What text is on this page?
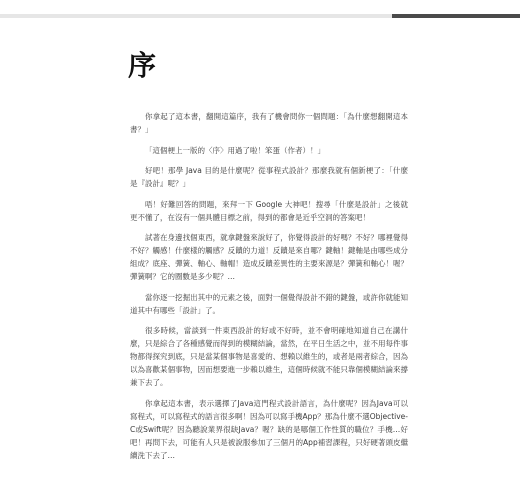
序

你拿起了這本書，翻開這篇序，我有了機會問你一個問題：「為什麼想翻開這本書？」

「這個梗上一版的〈序〉用過了啦！笨蛋（作者）！」

好吧！那學 Java 目的是什麼呢？從事程式設計？那麼我就有個新梗了：「什麼是『設計』呢？」

唔！好難回答的問題，來拜一下 Google 大神吧！搜尋「什麼是設計」之後就更不懂了，在沒有一個具體目標之前，得到的都會是近乎空洞的答案吧！

試著在身邊找個東西，就拿鍵盤來說好了，你覺得設計的好嗎？不好？哪裡覺得不好？觸感！什麼樣的觸感？反饋的力道！反饋是來自哪？鍵軸！鍵軸是由哪些成分組成？底座、彈簧、軸心、軸帽！造成反饋差異性的主要來源是？彈簧和軸心！喔？彈簧啊？它的圈數是多少呢？…

當你逐一挖掘出其中的元素之後，面對一個覺得設計不錯的鍵盤，或許你就能知道其中有哪些「設計」了。

很多時候，當談到一件東西設計的好或不好時，並不會明確地知道自己在講什麼，只是綜合了各種感覺而得到的模糊結論，當然，在平日生活之中，並不用每件事物都得探究到底，只是當某個事物是喜愛的、想賴以維生的，或者是兩者綜合，因為以為喜歡某個事物，因而想要進一步賴以維生，這個時候就不能只靠個模糊結論來撐兼下去了。

你拿起這本書，表示選擇了Java這門程式設計語言，為什麼呢？因為Java可以寫程式，可以寫程式的語言很多啊！因為可以寫手機App？那為什麼不選Objective-C或Swift呢？因為聽說業界很缺Java？喔？缺的是哪個工作性質的職位？手機…好吧！再問下去，可能有人只是被說服參加了三個月的App補習課程，只好硬著頭皮繼續洗下去了…
